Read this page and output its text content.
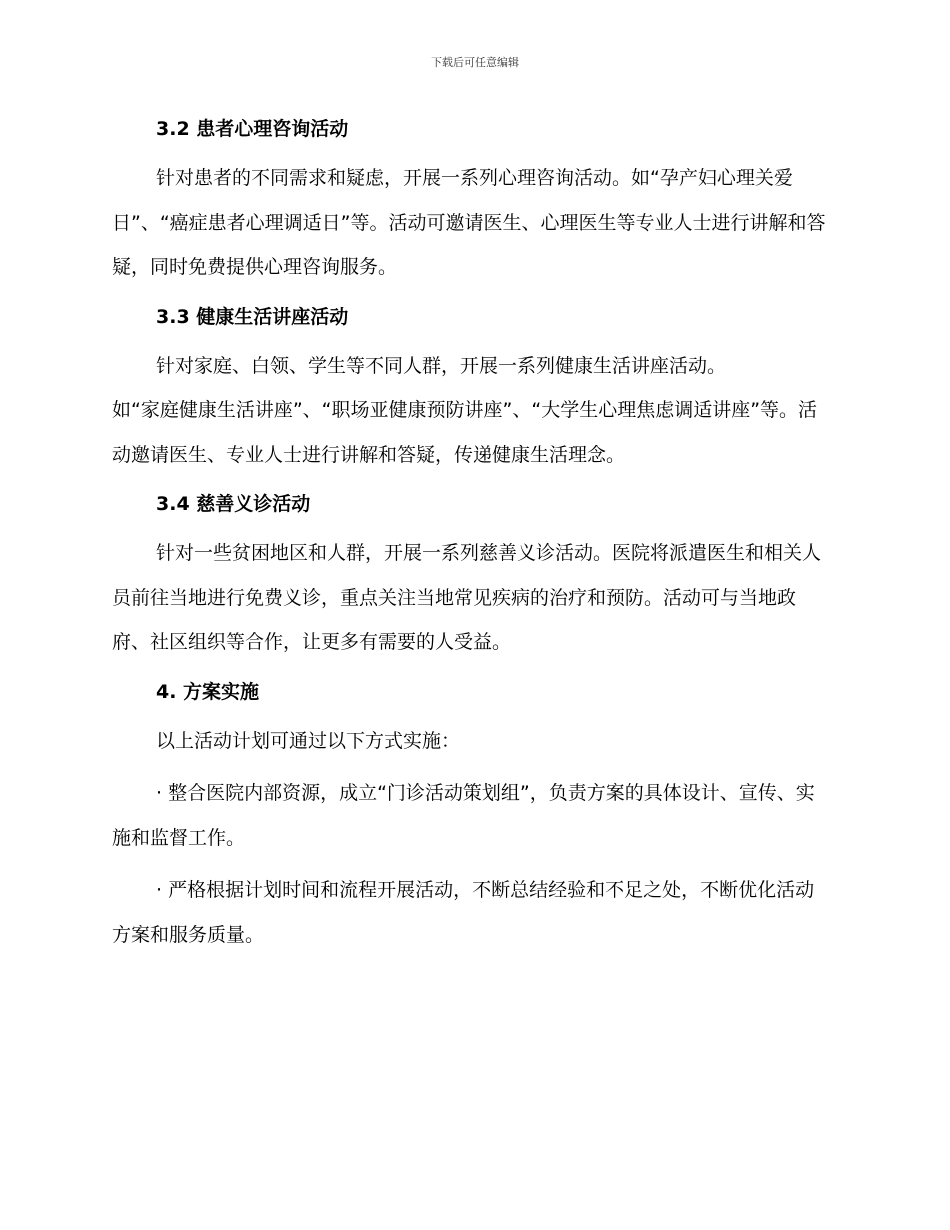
下载后可任意编辑
3.2 患者心理咨询活动

针对患者的不同需求和疑虑，开展一系列心理咨询活动。如“孕产妇心理关爱日”、“癌症患者心理调适日”等。活动可邀请医生、心理医生等专业人士进行讲解和答疑，同时免费提供心理咨询服务。

3.3 健康生活讲座活动

针对家庭、白领、学生等不同人群，开展一系列健康生活讲座活动。
如“家庭健康生活讲座”、“职场亚健康预防讲座”、“大学生心理焦虑调适讲座”等。活动邀请医生、专业人士进行讲解和答疑，传递健康生活理念。

3.4 慈善义诊活动

针对一些贫困地区和人群，开展一系列慈善义诊活动。医院将派遣医生和相关人员前往当地进行免费义诊，重点关注当地常见疾病的治疗和预防。活动可与当地政府、社区组织等合作，让更多有需要的人受益。

4. 方案实施

以上活动计划可通过以下方式实施：

· 整合医院内部资源，成立“门诊活动策划组”，负责方案的具体设计、宣传、实施和监督工作。

· 严格根据计划时间和流程开展活动，不断总结经验和不足之处，不断优化活动方案和服务质量。
